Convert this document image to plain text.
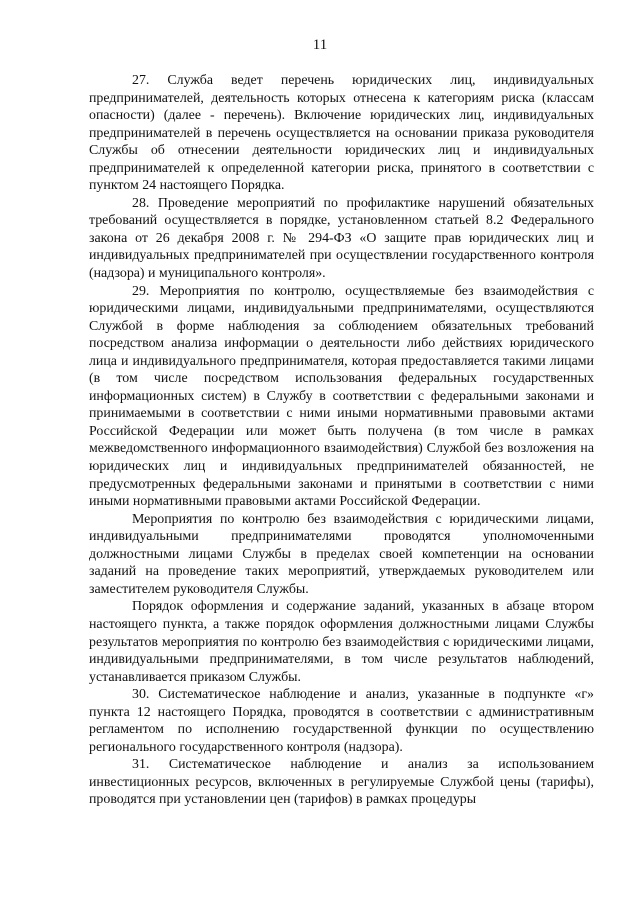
11

27. Служба ведет перечень юридических лиц, индивидуальных предпринимателей, деятельность которых отнесена к категориям риска (классам опасности) (далее - перечень). Включение юридических лиц, индивидуальных предпринимателей в перечень осуществляется на основании приказа руководителя Службы об отнесении деятельности юридических лиц и индивидуальных предпринимателей к определенной категории риска, принятого в соответствии с пунктом 24 настоящего Порядка.

28. Проведение мероприятий по профилактике нарушений обязательных требований осуществляется в порядке, установленном статьей 8.2 Федерального закона от 26 декабря 2008 г. № 294-ФЗ «О защите прав юридических лиц и индивидуальных предпринимателей при осуществлении государственного контроля (надзора) и муниципального контроля».

29. Мероприятия по контролю, осуществляемые без взаимодействия с юридическими лицами, индивидуальными предпринимателями, осуществляются Службой в форме наблюдения за соблюдением обязательных требований посредством анализа информации о деятельности либо действиях юридического лица и индивидуального предпринимателя, которая предоставляется такими лицами (в том числе посредством использования федеральных государственных информационных систем) в Службу в соответствии с федеральными законами и принимаемыми в соответствии с ними иными нормативными правовыми актами Российской Федерации или может быть получена (в том числе в рамках межведомственного информационного взаимодействия) Службой без возложения на юридических лиц и индивидуальных предпринимателей обязанностей, не предусмотренных федеральными законами и принятыми в соответствии с ними иными нормативными правовыми актами Российской Федерации.

Мероприятия по контролю без взаимодействия с юридическими лицами, индивидуальными предпринимателями проводятся уполномоченными должностными лицами Службы в пределах своей компетенции на основании заданий на проведение таких мероприятий, утверждаемых руководителем или заместителем руководителя Службы.

Порядок оформления и содержание заданий, указанных в абзаце втором настоящего пункта, а также порядок оформления должностными лицами Службы результатов мероприятия по контролю без взаимодействия с юридическими лицами, индивидуальными предпринимателями, в том числе результатов наблюдений, устанавливается приказом Службы.

30. Систематическое наблюдение и анализ, указанные в подпункте «г» пункта 12 настоящего Порядка, проводятся в соответствии с административным регламентом по исполнению государственной функции по осуществлению регионального государственного контроля (надзора).

31. Систематическое наблюдение и анализ за использованием инвестиционных ресурсов, включенных в регулируемые Службой цены (тарифы), проводятся при установлении цен (тарифов) в рамках процедуры
